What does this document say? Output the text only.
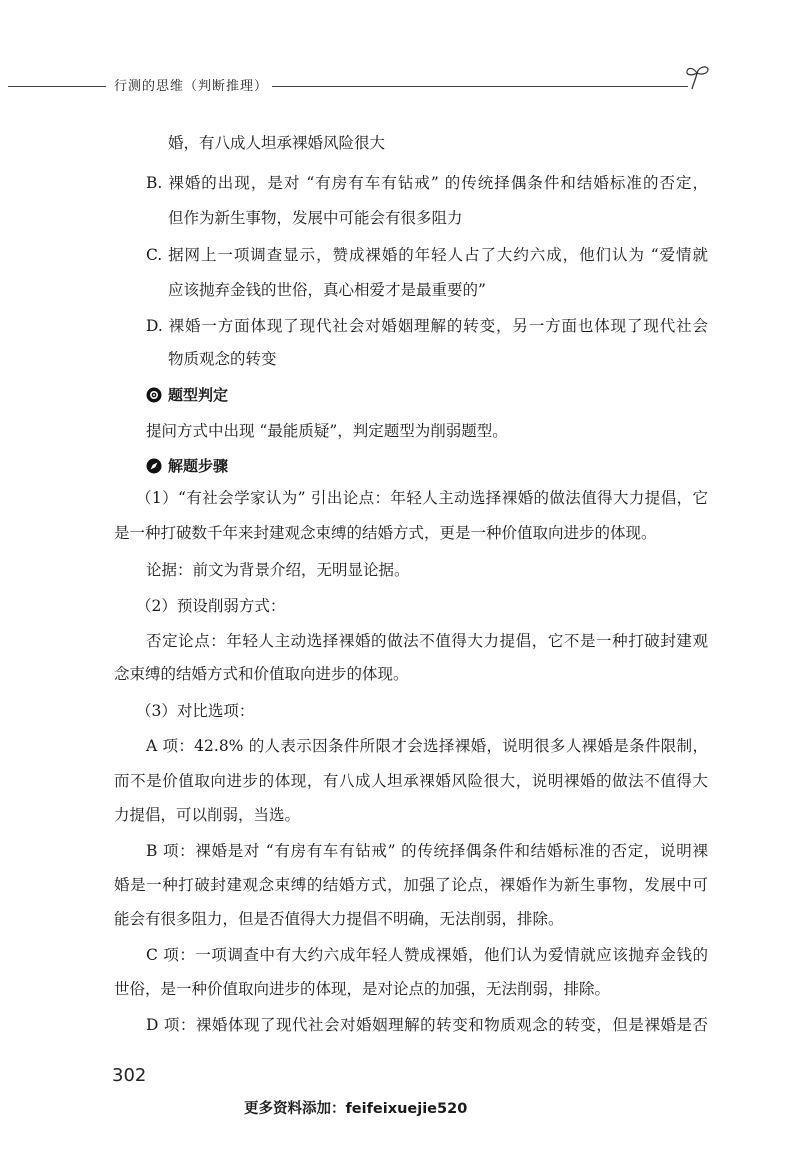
行测的思维（判断推理）
婚，有八成人坦承裸婚风险很大
B. 裸婚的出现，是对 “有房有车有钻戒” 的传统择偶条件和结婚标准的否定，
但作为新生事物，发展中可能会有很多阻力
C. 据网上一项调查显示，赞成裸婚的年轻人占了大约六成，他们认为 “爱情就
应该抛弃金钱的世俗，真心相爱才是最重要的”
D. 裸婚一方面体现了现代社会对婚姻理解的转变，另一方面也体现了现代社会
物质观念的转变
题型判定
提问方式中出现 “最能质疑”，判定题型为削弱题型。
解题步骤
（1）“有社会学家认为” 引出论点：年轻人主动选择裸婚的做法值得大力提倡，它
是一种打破数千年来封建观念束缚的结婚方式，更是一种价值取向进步的体现。
论据：前文为背景介绍，无明显论据。
（2）预设削弱方式：
否定论点：年轻人主动选择裸婚的做法不值得大力提倡，它不是一种打破封建观
念束缚的结婚方式和价值取向进步的体现。
（3）对比选项：
A 项：42.8% 的人表示因条件所限才会选择裸婚，说明很多人裸婚是条件限制，
而不是价值取向进步的体现，有八成人坦承裸婚风险很大，说明裸婚的做法不值得大
力提倡，可以削弱，当选。
B 项：裸婚是对 “有房有车有钻戒” 的传统择偶条件和结婚标准的否定，说明裸
婚是一种打破封建观念束缚的结婚方式，加强了论点，裸婚作为新生事物，发展中可
能会有很多阻力，但是否值得大力提倡不明确，无法削弱，排除。
C 项：一项调查中有大约六成年轻人赞成裸婚，他们认为爱情就应该抛弃金钱的
世俗，是一种价值取向进步的体现，是对论点的加强，无法削弱，排除。
D 项：裸婚体现了现代社会对婚姻理解的转变和物质观念的转变，但是裸婚是否
302
更多资料添加：feifeixuejie520
